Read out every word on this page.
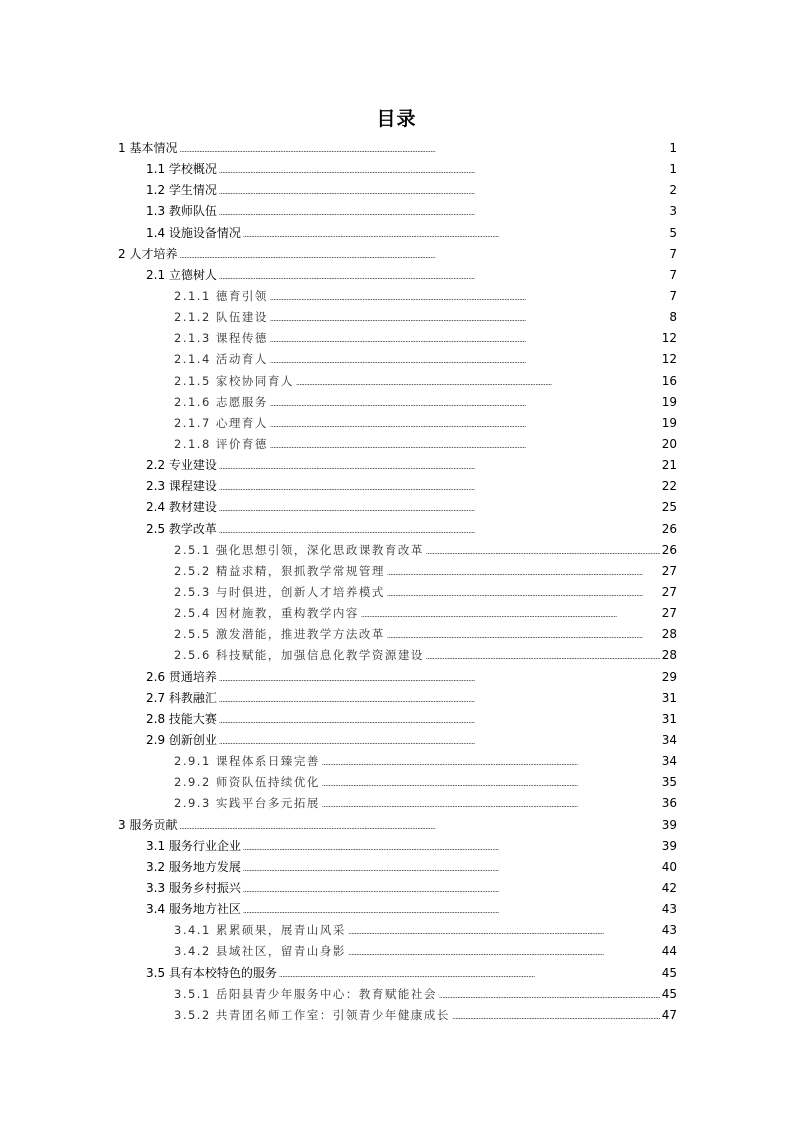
目录
1 基本情况 . . .	1
1.1 学校概况 . . .	1
1.2 学生情况 . . .	2
1.3 教师队伍 . . .	3
1.4 设施设备情况 . . .	5
2 人才培养 . . .	7
2.1 立德树人 . . .	7
2.1.1 德育引领 . . .	7
2.1.2 队伍建设 . . .	8
2.1.3 课程传德 . . .	12
2.1.4 活动育人 . . .	12
2.1.5 家校协同育人 . . .	16
2.1.6 志愿服务 . . .	19
2.1.7 心理育人 . . .	19
2.1.8 评价育德 . . .	20
2.2 专业建设 . . .	21
2.3 课程建设 . . .	22
2.4 教材建设 . . .	25
2.5 教学改革 . . .	26
2.5.1 强化思想引领，深化思政课教育改革 . . .	26
2.5.2 精益求精，狠抓教学常规管理 . . .	27
2.5.3 与时俱进，创新人才培养模式 . . .	27
2.5.4 因材施教，重构教学内容 . . .	27
2.5.5 激发潜能，推进教学方法改革 . . .	28
2.5.6 科技赋能，加强信息化教学资源建设 . . .	28
2.6 贯通培养 . . .	29
2.7 科教融汇 . . .	31
2.8 技能大赛 . . .	31
2.9 创新创业 . . .	34
2.9.1 课程体系日臻完善 . . .	34
2.9.2 师资队伍持续优化 . . .	35
2.9.3 实践平台多元拓展 . . .	36
3 服务贡献 . . .	39
3.1 服务行业企业 . . .	39
3.2 服务地方发展 . . .	40
3.3 服务乡村振兴 . . .	42
3.4 服务地方社区 . . .	43
3.4.1 累累硕果，展青山风采 . . .	43
3.4.2 县域社区，留青山身影 . . .	44
3.5 具有本校特色的服务 . . .	45
3.5.1 岳阳县青少年服务中心：教育赋能社会 . . .	45
3.5.2 共青团名师工作室：引领青少年健康成长 . . .	47
